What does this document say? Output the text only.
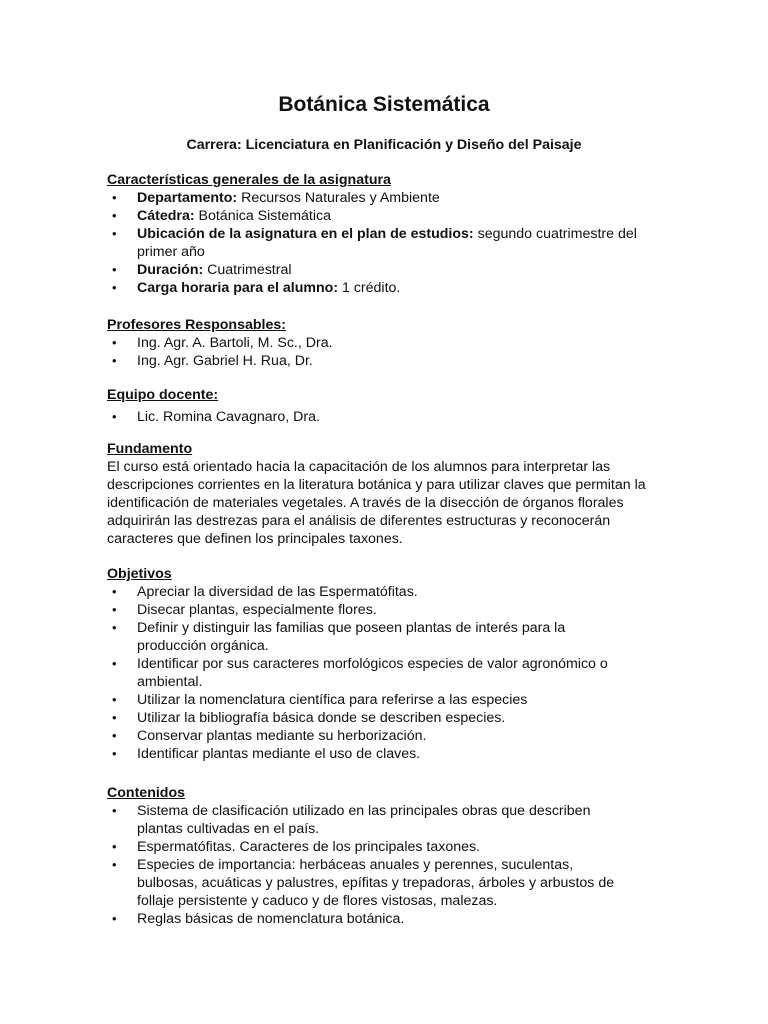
Botánica Sistemática
Carrera: Licenciatura en Planificación y Diseño del Paisaje

Características generales de la asignatura

• Departamento: Recursos Naturales y Ambiente
• Cátedra: Botánica Sistemática
• Ubicación de la asignatura en el plan de estudios: segundo cuatrimestre del primer año
• Duración: Cuatrimestral
• Carga horaria para el alumno: 1 crédito.

Profesores Responsables:

• Ing. Agr. A. Bartoli, M. Sc., Dra.
• Ing. Agr. Gabriel H. Rua, Dr.

Equipo docente:

• Lic. Romina Cavagnaro, Dra.

Fundamento

El curso está orientado hacia la capacitación de los alumnos para interpretar las descripciones corrientes en la literatura botánica y para utilizar claves que permitan la identificación de materiales vegetales. A través de la disección de órganos florales adquirirán las destrezas para el análisis de diferentes estructuras y reconocerán caracteres que definen los principales taxones.

Objetivos

• Apreciar la diversidad de las Espermatófitas.
• Disecar plantas, especialmente flores.
• Definir y distinguir las familias que poseen plantas de interés para la producción orgánica.
• Identificar por sus caracteres morfológicos especies de valor agronómico o ambiental.
• Utilizar la nomenclatura científica para referirse a las especies
• Utilizar la bibliografía básica donde se describen especies.
• Conservar plantas mediante su herborización.
• Identificar plantas mediante el uso de claves.

Contenidos

• Sistema de clasificación utilizado en las principales obras que describen plantas cultivadas en el país.
• Espermatófitas. Caracteres de los principales taxones.
• Especies de importancia: herbáceas anuales y perennes, suculentas, bulbosas, acuáticas y palustres, epífitas y trepadoras, árboles y arbustos de follaje persistente y caduco y de flores vistosas, malezas.
• Reglas básicas de nomenclatura botánica.
